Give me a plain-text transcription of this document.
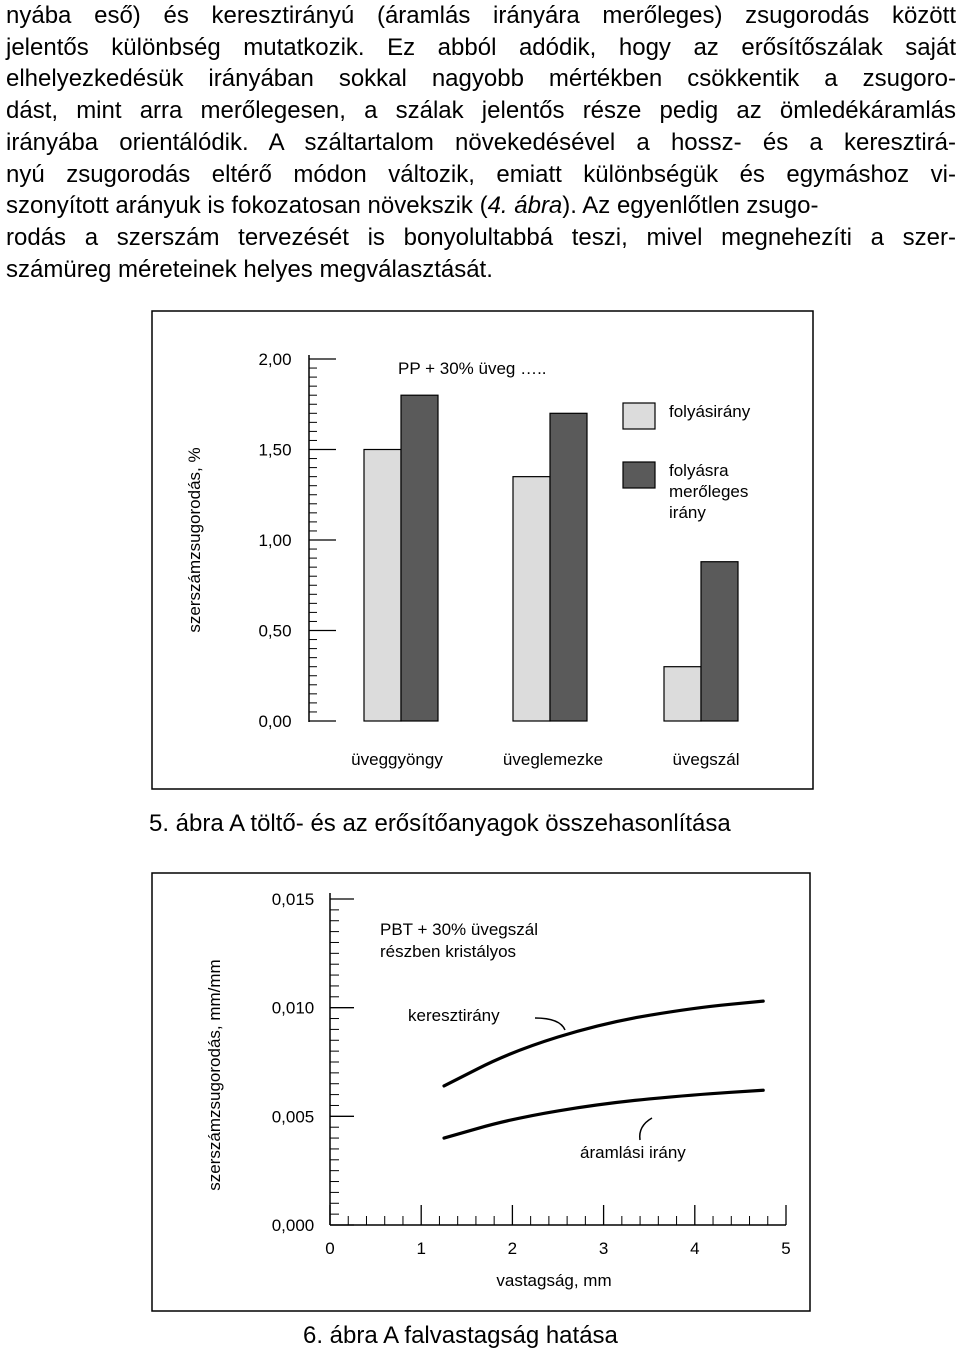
nyába eső) és keresztirányú (áramlás irányára merőleges) zsugorodás között
jelentős különbség mutatkozik. Ez abból adódik, hogy az erősítőszálak saját
elhelyezkedésük irányában sokkal nagyobb mértékben csökkentik a zsugoro-
dást, mint arra merőlegesen, a szálak jelentős része pedig az ömledékáramlás
irányába orientálódik. A száltartalom növekedésével a hossz- és a keresztirá-
nyú zsugorodás eltérő módon változik, emiatt különbségük és egymáshoz vi-
szonyított arányuk is fokozatosan növekszik (4. ábra). Az egyenlőtlen zsugo-
rodás a szerszám tervezését is bonyolultabbá teszi, mivel megnehezíti a szer-
számüreg méreteinek helyes megválasztását.
szerszámzsugorodás, %
0,00
0,50
1,00
1,50
2,00	PP + 30% üveg …..
folyásirány
folyásra
merőleges
irány
üveggyöngy	üveglemezke	üvegszál
szerszámzsugorodás, mm/mm
0,000
0,005
0,010
0,015
0	1	2	3	4	5
PBT + 30% üvegszál
részben kristályos
keresztirány
áramlási irány
vastagság, mm

5. ábra A töltő- és az erősítőanyagok összehasonlítása

6. ábra A falvastagság hatása
